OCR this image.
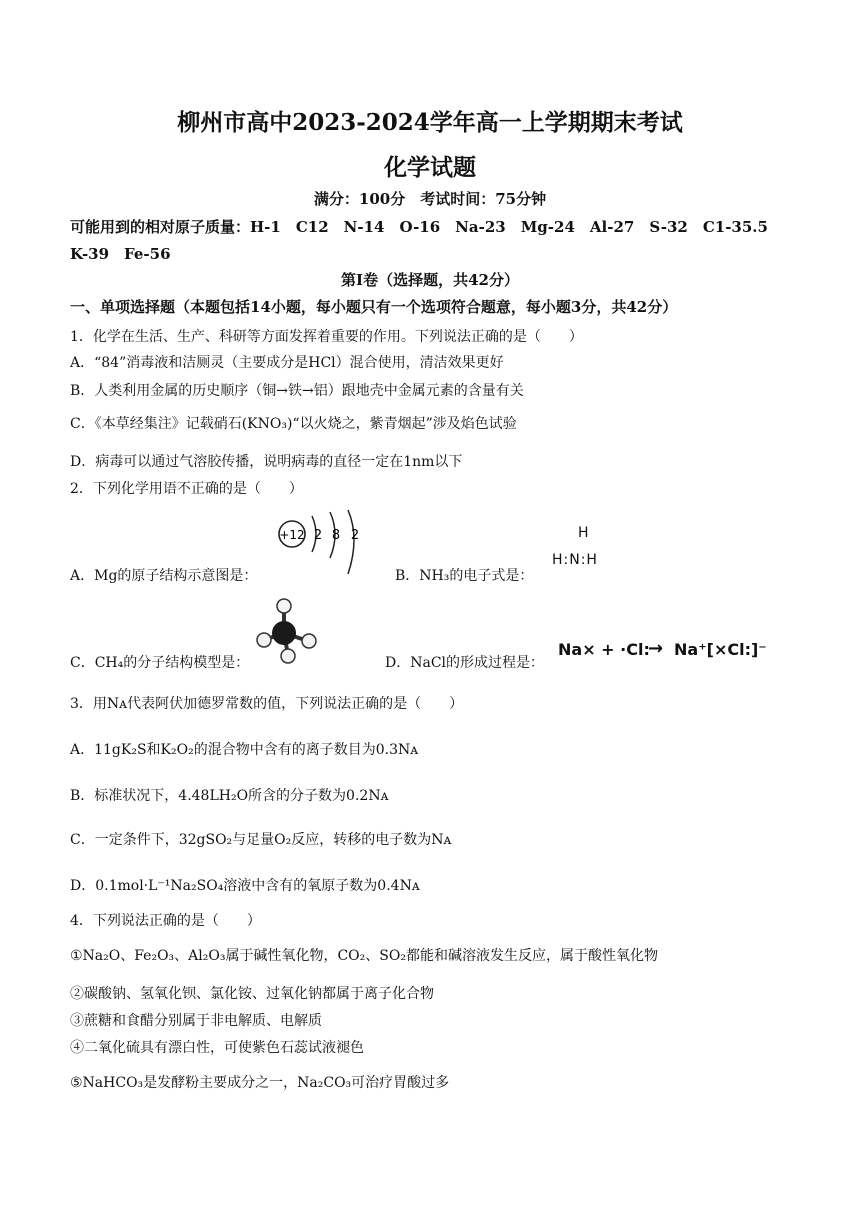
柳州市高中2023-2024学年高一上学期期末考试
化学试题
满分：100分　考试时间：75分钟
可能用到的相对原子质量：H-1　C12　N-14　O-16　Na-23　Mg-24　Al-27　S-32　C1-35.5
K-39　Fe-56
第Ⅰ卷（选择题，共42分）
一、单项选择题（本题包括14小题，每小题只有一个选项符合题意，每小题3分，共42分）
1．化学在生活、生产、科研等方面发挥着重要的作用。下列说法正确的是（　　）
A．“84”消毒液和洁厕灵（主要成分是HCl）混合使用，清洁效果更好
B．人类利用金属的历史顺序（铜→铁→铝）跟地壳中金属元素的含量有关
C．《本草经集注》记载硝石(KNO₃)“以火烧之，紫青烟起”涉及焰色试验
D．病毒可以通过气溶胶传播，说明病毒的直径一定在1nm以下
2．下列化学用语不正确的是（　　）
A．Mg的原子结构示意图是：
+12 2 8 2
B．NH₃的电子式是：
H
H:N:H
C．CH₄的分子结构模型是：	D．NaCl的形成过程是：
Na× + ·Cl:
→ Na⁺[×Cl:]⁻
3．用Nᴀ代表阿伏加德罗常数的值，下列说法正确的是（　　）
A．11gK₂S和K₂O₂的混合物中含有的离子数目为0.3Nᴀ
B．标准状况下，4.48LH₂O所含的分子数为0.2Nᴀ
C．一定条件下，32gSO₂与足量O₂反应，转移的电子数为Nᴀ
D．0.1mol·L⁻¹Na₂SO₄溶液中含有的氧原子数为0.4Nᴀ
4．下列说法正确的是（　　）
①Na₂O、Fe₂O₃、Al₂O₃属于碱性氧化物，CO₂、SO₂都能和碱溶液发生反应，属于酸性氧化物
②碳酸钠、氢氧化钡、氯化铵、过氧化钠都属于离子化合物
③蔗糖和食醋分别属于非电解质、电解质
④二氧化硫具有漂白性，可使紫色石蕊试液褪色
⑤NaHCO₃是发酵粉主要成分之一，Na₂CO₃可治疗胃酸过多
